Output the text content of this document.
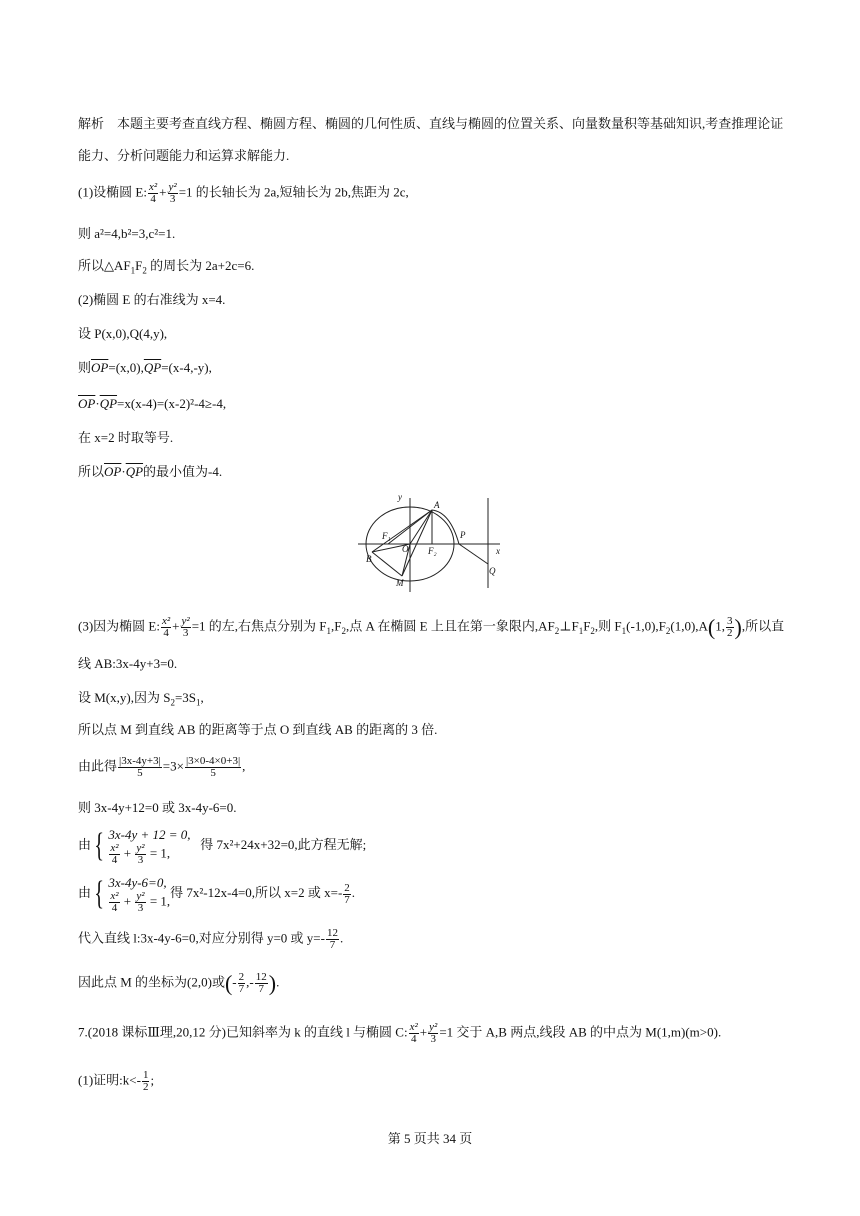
解析 本题主要考查直线方程、椭圆方程、椭圆的几何性质、直线与椭圆的位置关系、向量数量积等基础知识,考查推理论证
能力、分析问题能力和运算求解能力.
(1)设椭圆 E: $\frac{\text{x²}}{4} + \frac{\text{y²}}{3} =1$ 的长轴长为 2a,短轴长为 2b,焦距为 2c,
则 a²=4,b²=3,c²=1.
所以$\triangle AF_1F_2$ 的周长为 2a+2c=6.
(2)椭圆 E 的右准线为 x=4.
设 P(x,0),Q(4,y),
则$\overline{OP}=(x,0),\overline{QP}=(x-4,-y)$,
$\overline{OP}\cdot\overline{QP}=x(x-4)=(x-2)^2-4\ge-4$,
在 x=2 时取等号.
所以$\overline{OP}\cdot\overline{QP}$的最小值为-4.
y
x
A
B
O
F₁
F₂
P
Q
M
(3)因为椭圆 E: $\frac{\text{x²}}{4} + \frac{\text{y²}}{3} =1$ 的左,右焦点分别为 $F_1,F_2$,点 A 在椭圆 E 上且在第一象限内$,AF_2\perp F_1F_2$,则 $F_1(-1,0),F_2(1,0),A(1$, $\frac{3}{2}$ ),所以直
线 AB:3x-4y+3=0.
设 M(x,y),因为 $S_2=3S_1$,
所以点 M 到直线 AB 的距离等于点 O 到直线 AB 的距离的 3 倍.
由此得 $\frac{|3x-4y+3|}{5} =3\times \frac{|3\times 0-4\times 0+3|}{5}$ ,
则 3x-4y+12=0 或 3x-4y-6=0.
由{ 3x-4y + 12 = 0,

$\frac{\text{x²}}{4} + \frac{\text{y²}}{3} = 1$,   得 7x²+24x+32=0,此方程无解;
由{ 3x-4y-6=0,

$\frac{\text{x²}}{4} + \frac{\text{y²}}{3} = 1$,得 7x²-12x-4=0,所以 x=2 或 $x=- \frac{2}{7}$ .
代入直线 l:3x-4y-6=0,对应分别得 y=0 或 $y=- \frac{12}{7}$ .
因此点 M 的坐标为(2,0)或(- $\frac{2}{7}$ ,- $\frac{12}{7}$ ).
7.(2018 课标Ⅲ理,20,12 分)已知斜率为 k 的直线 l 与椭圆 C: $\frac{\text{x²}}{4} + \frac{\text{y²}}{3} =1$ 交于 A,B 两点,线段 AB 的中点为 M(1,m)(m>0).
(1)证明:k<- $\frac{1}{2}$ ;
第 5 页共 34 页
